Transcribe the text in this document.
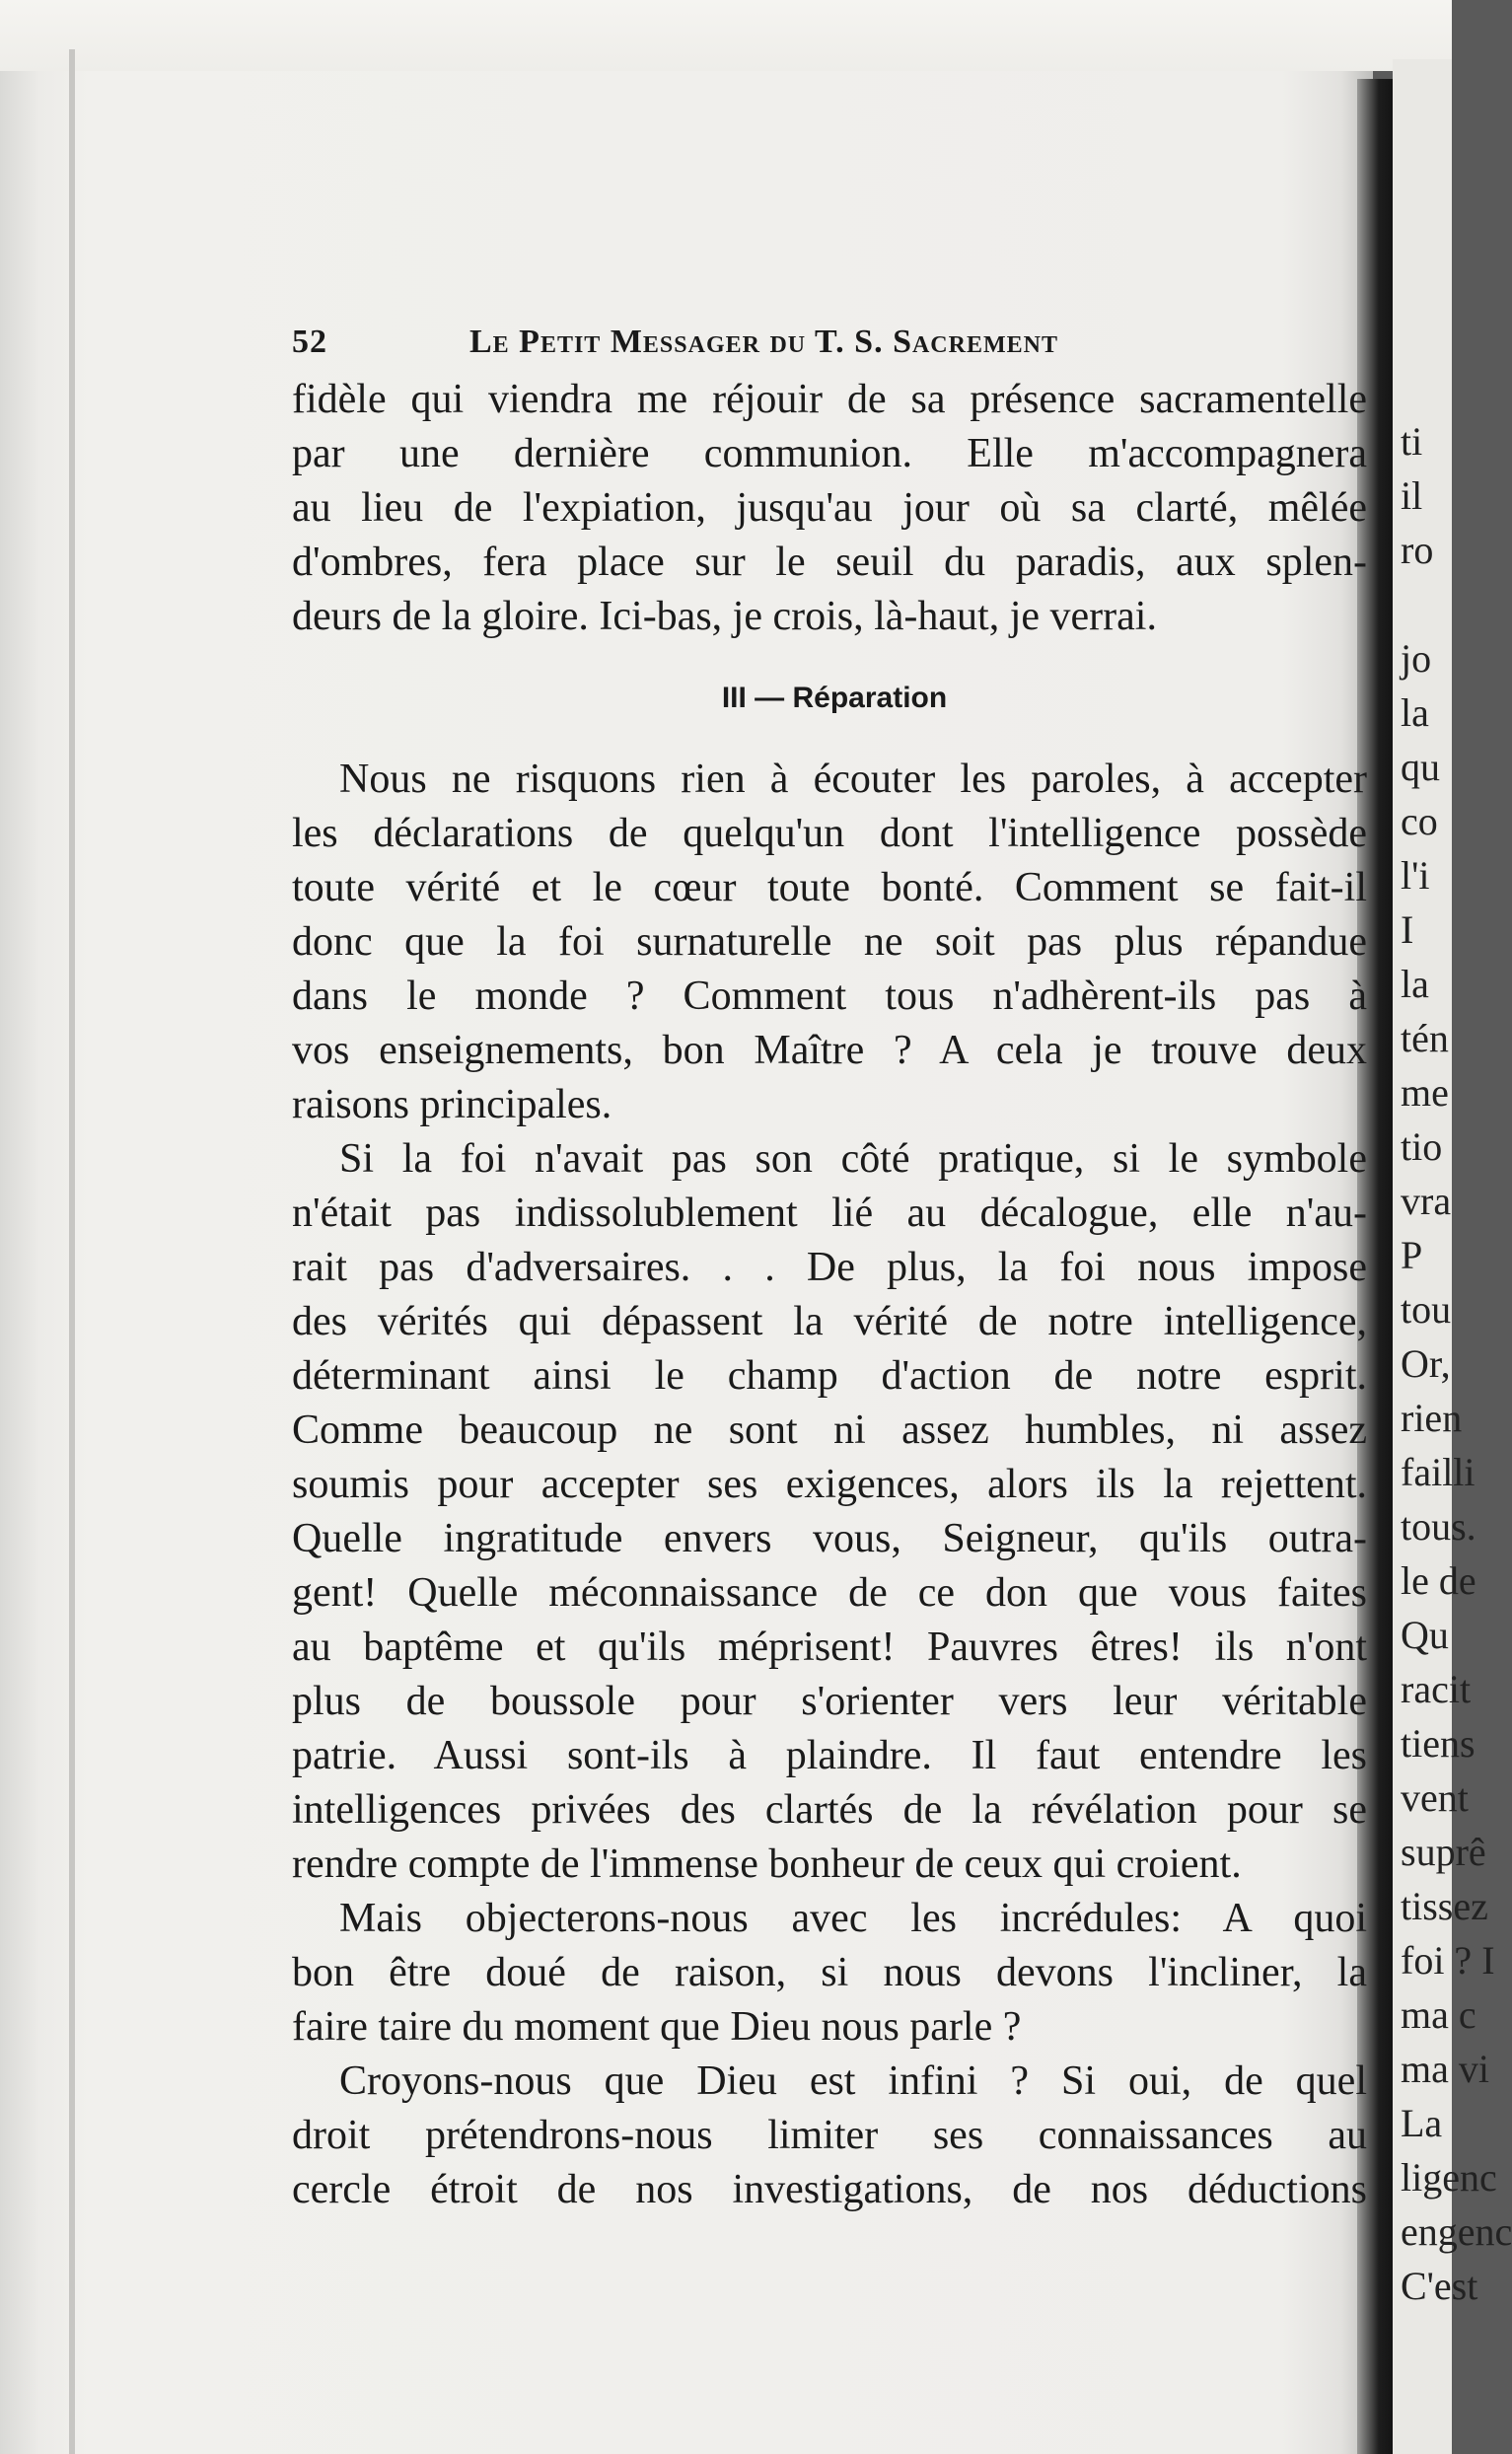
ti
il
ro
jo
la
qu
co
l'i
I
la
tén
me
tio
vra
P
tou
Or,
rien
failli
tous.
le de
Qu
racit
tiens
vent
suprê
tissez
foi ? I
ma c
ma vi
La
ligenc
engenc
C'est
52	Le Petit Messager du T. S. Sacrement
fidèle qui viendra me réjouir de sa présence sacramentelle
par une dernière communion. Elle m'accompagnera
au lieu de l'expiation, jusqu'au jour où sa clarté, mêlée
d'ombres, fera place sur le seuil du paradis, aux splen-
deurs de la gloire. Ici-bas, je crois, là-haut, je verrai.
III — Réparation
Nous ne risquons rien à écouter les paroles, à accepter
les déclarations de quelqu'un dont l'intelligence possède
toute vérité et le cœur toute bonté. Comment se fait-il
donc que la foi surnaturelle ne soit pas plus répandue
dans le monde ? Comment tous n'adhèrent-ils pas à
vos enseignements, bon Maître ? A cela je trouve deux
raisons principales.
Si la foi n'avait pas son côté pratique, si le symbole
n'était pas indissolublement lié au décalogue, elle n'au-
rait pas d'adversaires. . . De plus, la foi nous impose
des vérités qui dépassent la vérité de notre intelligence,
déterminant ainsi le champ d'action de notre esprit.
Comme beaucoup ne sont ni assez humbles, ni assez
soumis pour accepter ses exigences, alors ils la rejettent.
Quelle ingratitude envers vous, Seigneur, qu'ils outra-
gent! Quelle méconnaissance de ce don que vous faites
au baptême et qu'ils méprisent! Pauvres êtres! ils n'ont
plus de boussole pour s'orienter vers leur véritable
patrie. Aussi sont-ils à plaindre. Il faut entendre les
intelligences privées des clartés de la révélation pour se
rendre compte de l'immense bonheur de ceux qui croient.
Mais objecterons-nous avec les incrédules: A quoi
bon être doué de raison, si nous devons l'incliner, la
faire taire du moment que Dieu nous parle ?
Croyons-nous que Dieu est infini ? Si oui, de quel
droit prétendrons-nous limiter ses connaissances au
cercle étroit de nos investigations, de nos déductions
